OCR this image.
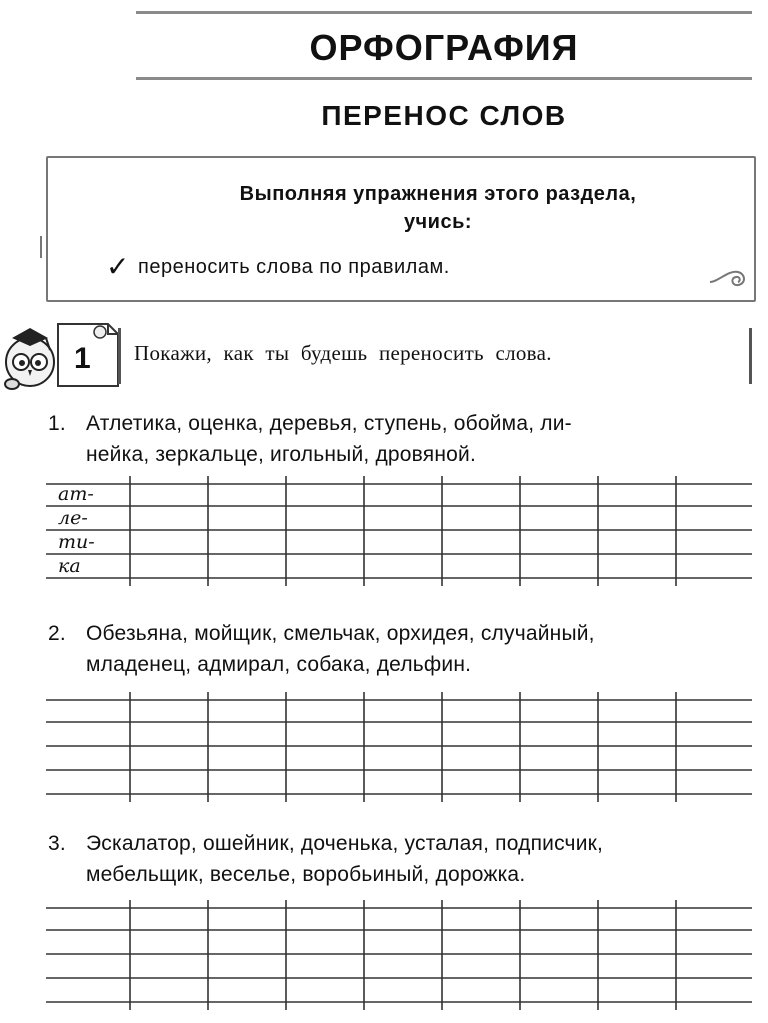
ОРФОГРАФИЯ
ПЕРЕНОС СЛОВ
Выполняя упражнения этого раздела,
учись:
✓ переносить слова по правилам.
1 Покажи, как ты будешь переносить слова.
1. Атлетика, оценка, деревья, ступень, обойма, ли-
нейка, зеркальце, игольный, дровяной.
ат-
ле-
ти-
ка
2. Обезьяна, мойщик, смельчак, орхидея, случайный,
младенец, адмирал, собака, дельфин.
3. Эскалатор, ошейник, доченька, усталая, подписчик,
мебельщик, веселье, воробьиный, дорожка.
